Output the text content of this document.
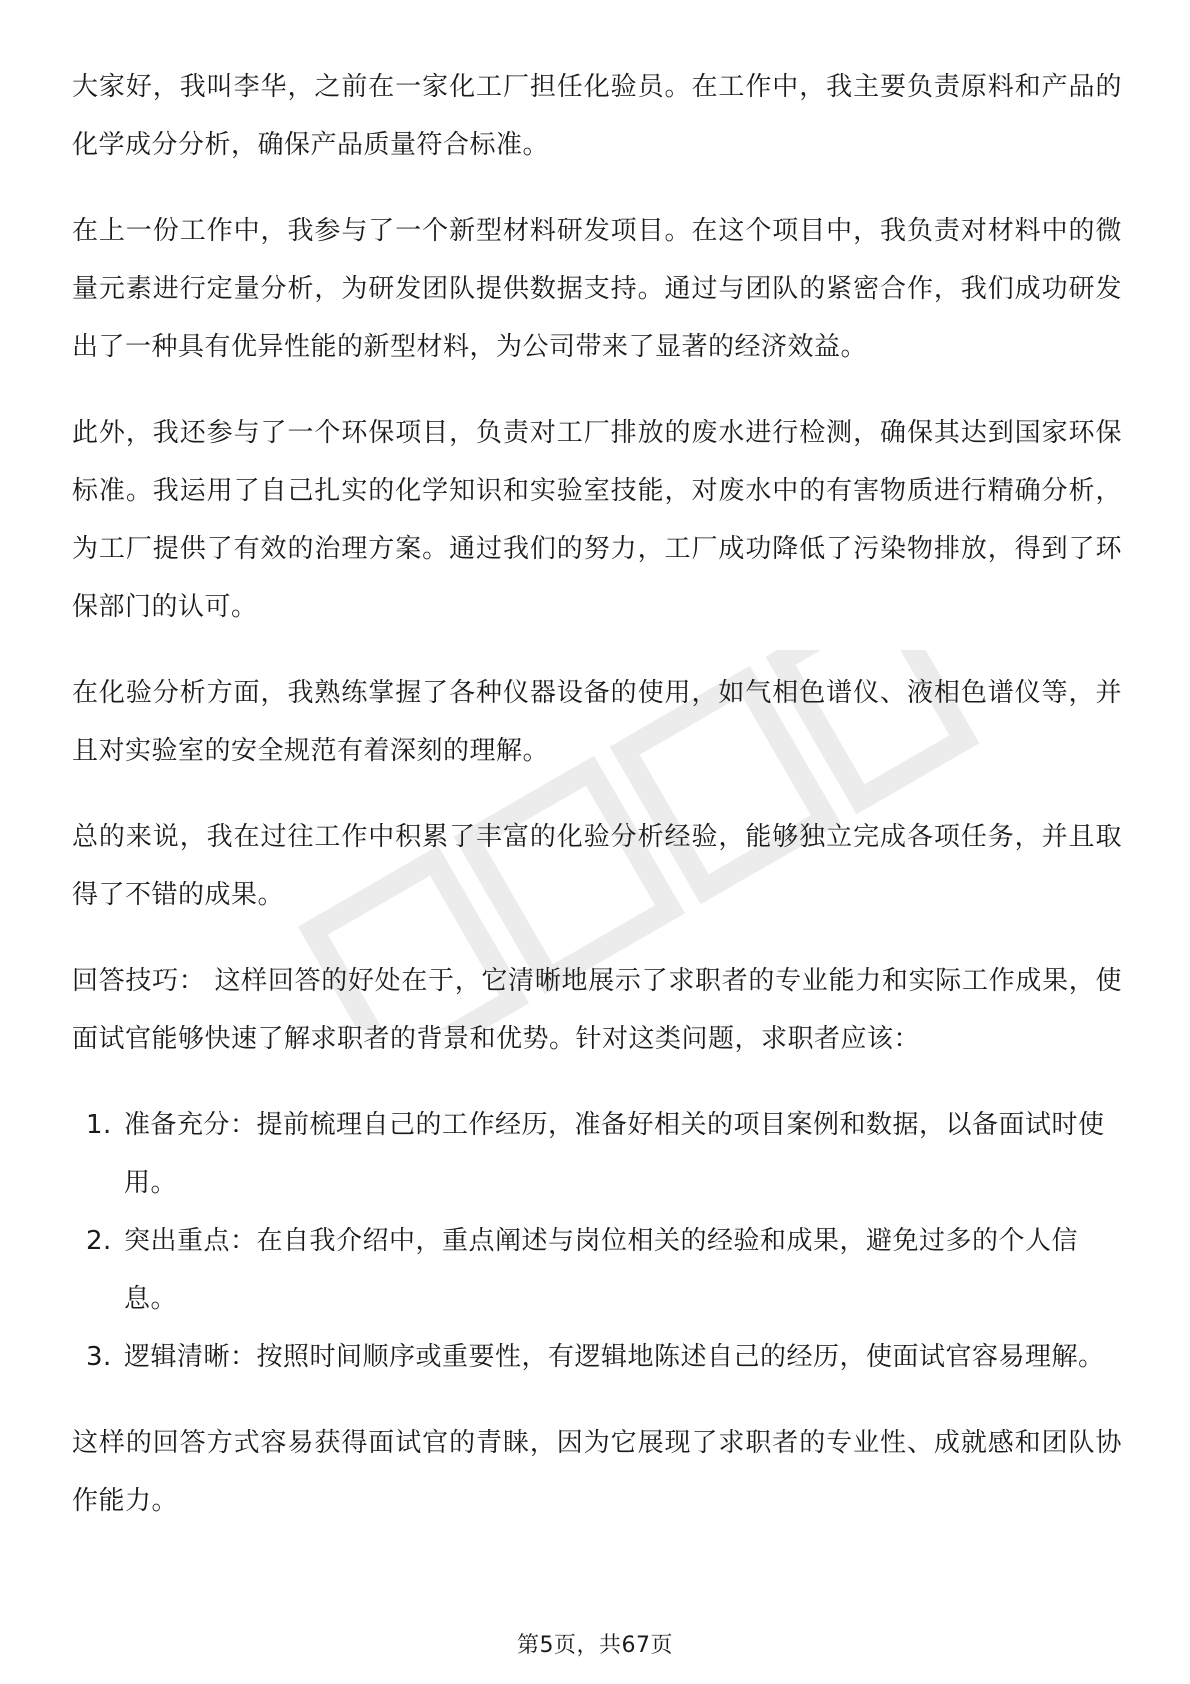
大家好，我叫李华，之前在一家化工厂担任化验员。在工作中，我主要负责原料和产品的化学成分分析，确保产品质量符合标准。

在上一份工作中，我参与了一个新型材料研发项目。在这个项目中，我负责对材料中的微量元素进行定量分析，为研发团队提供数据支持。通过与团队的紧密合作，我们成功研发出了一种具有优异性能的新型材料，为公司带来了显著的经济效益。

此外，我还参与了一个环保项目，负责对工厂排放的废水进行检测，确保其达到国家环保标准。我运用了自己扎实的化学知识和实验室技能，对废水中的有害物质进行精确分析，为工厂提供了有效的治理方案。通过我们的努力，工厂成功降低了污染物排放，得到了环保部门的认可。

在化验分析方面，我熟练掌握了各种仪器设备的使用，如气相色谱仪、液相色谱仪等，并且对实验室的安全规范有着深刻的理解。

总的来说，我在过往工作中积累了丰富的化验分析经验，能够独立完成各项任务，并且取得了不错的成果。

回答技巧： 这样回答的好处在于，它清晰地展示了求职者的专业能力和实际工作成果，使面试官能够快速了解求职者的背景和优势。针对这类问题，求职者应该：

1. 准备充分：提前梳理自己的工作经历，准备好相关的项目案例和数据，以备面试时使用。
2. 突出重点：在自我介绍中，重点阐述与岗位相关的经验和成果，避免过多的个人信息。
3. 逻辑清晰：按照时间顺序或重要性，有逻辑地陈述自己的经历，使面试官容易理解。

这样的回答方式容易获得面试官的青睐，因为它展现了求职者的专业性、成就感和团队协作能力。

第5页，共67页
